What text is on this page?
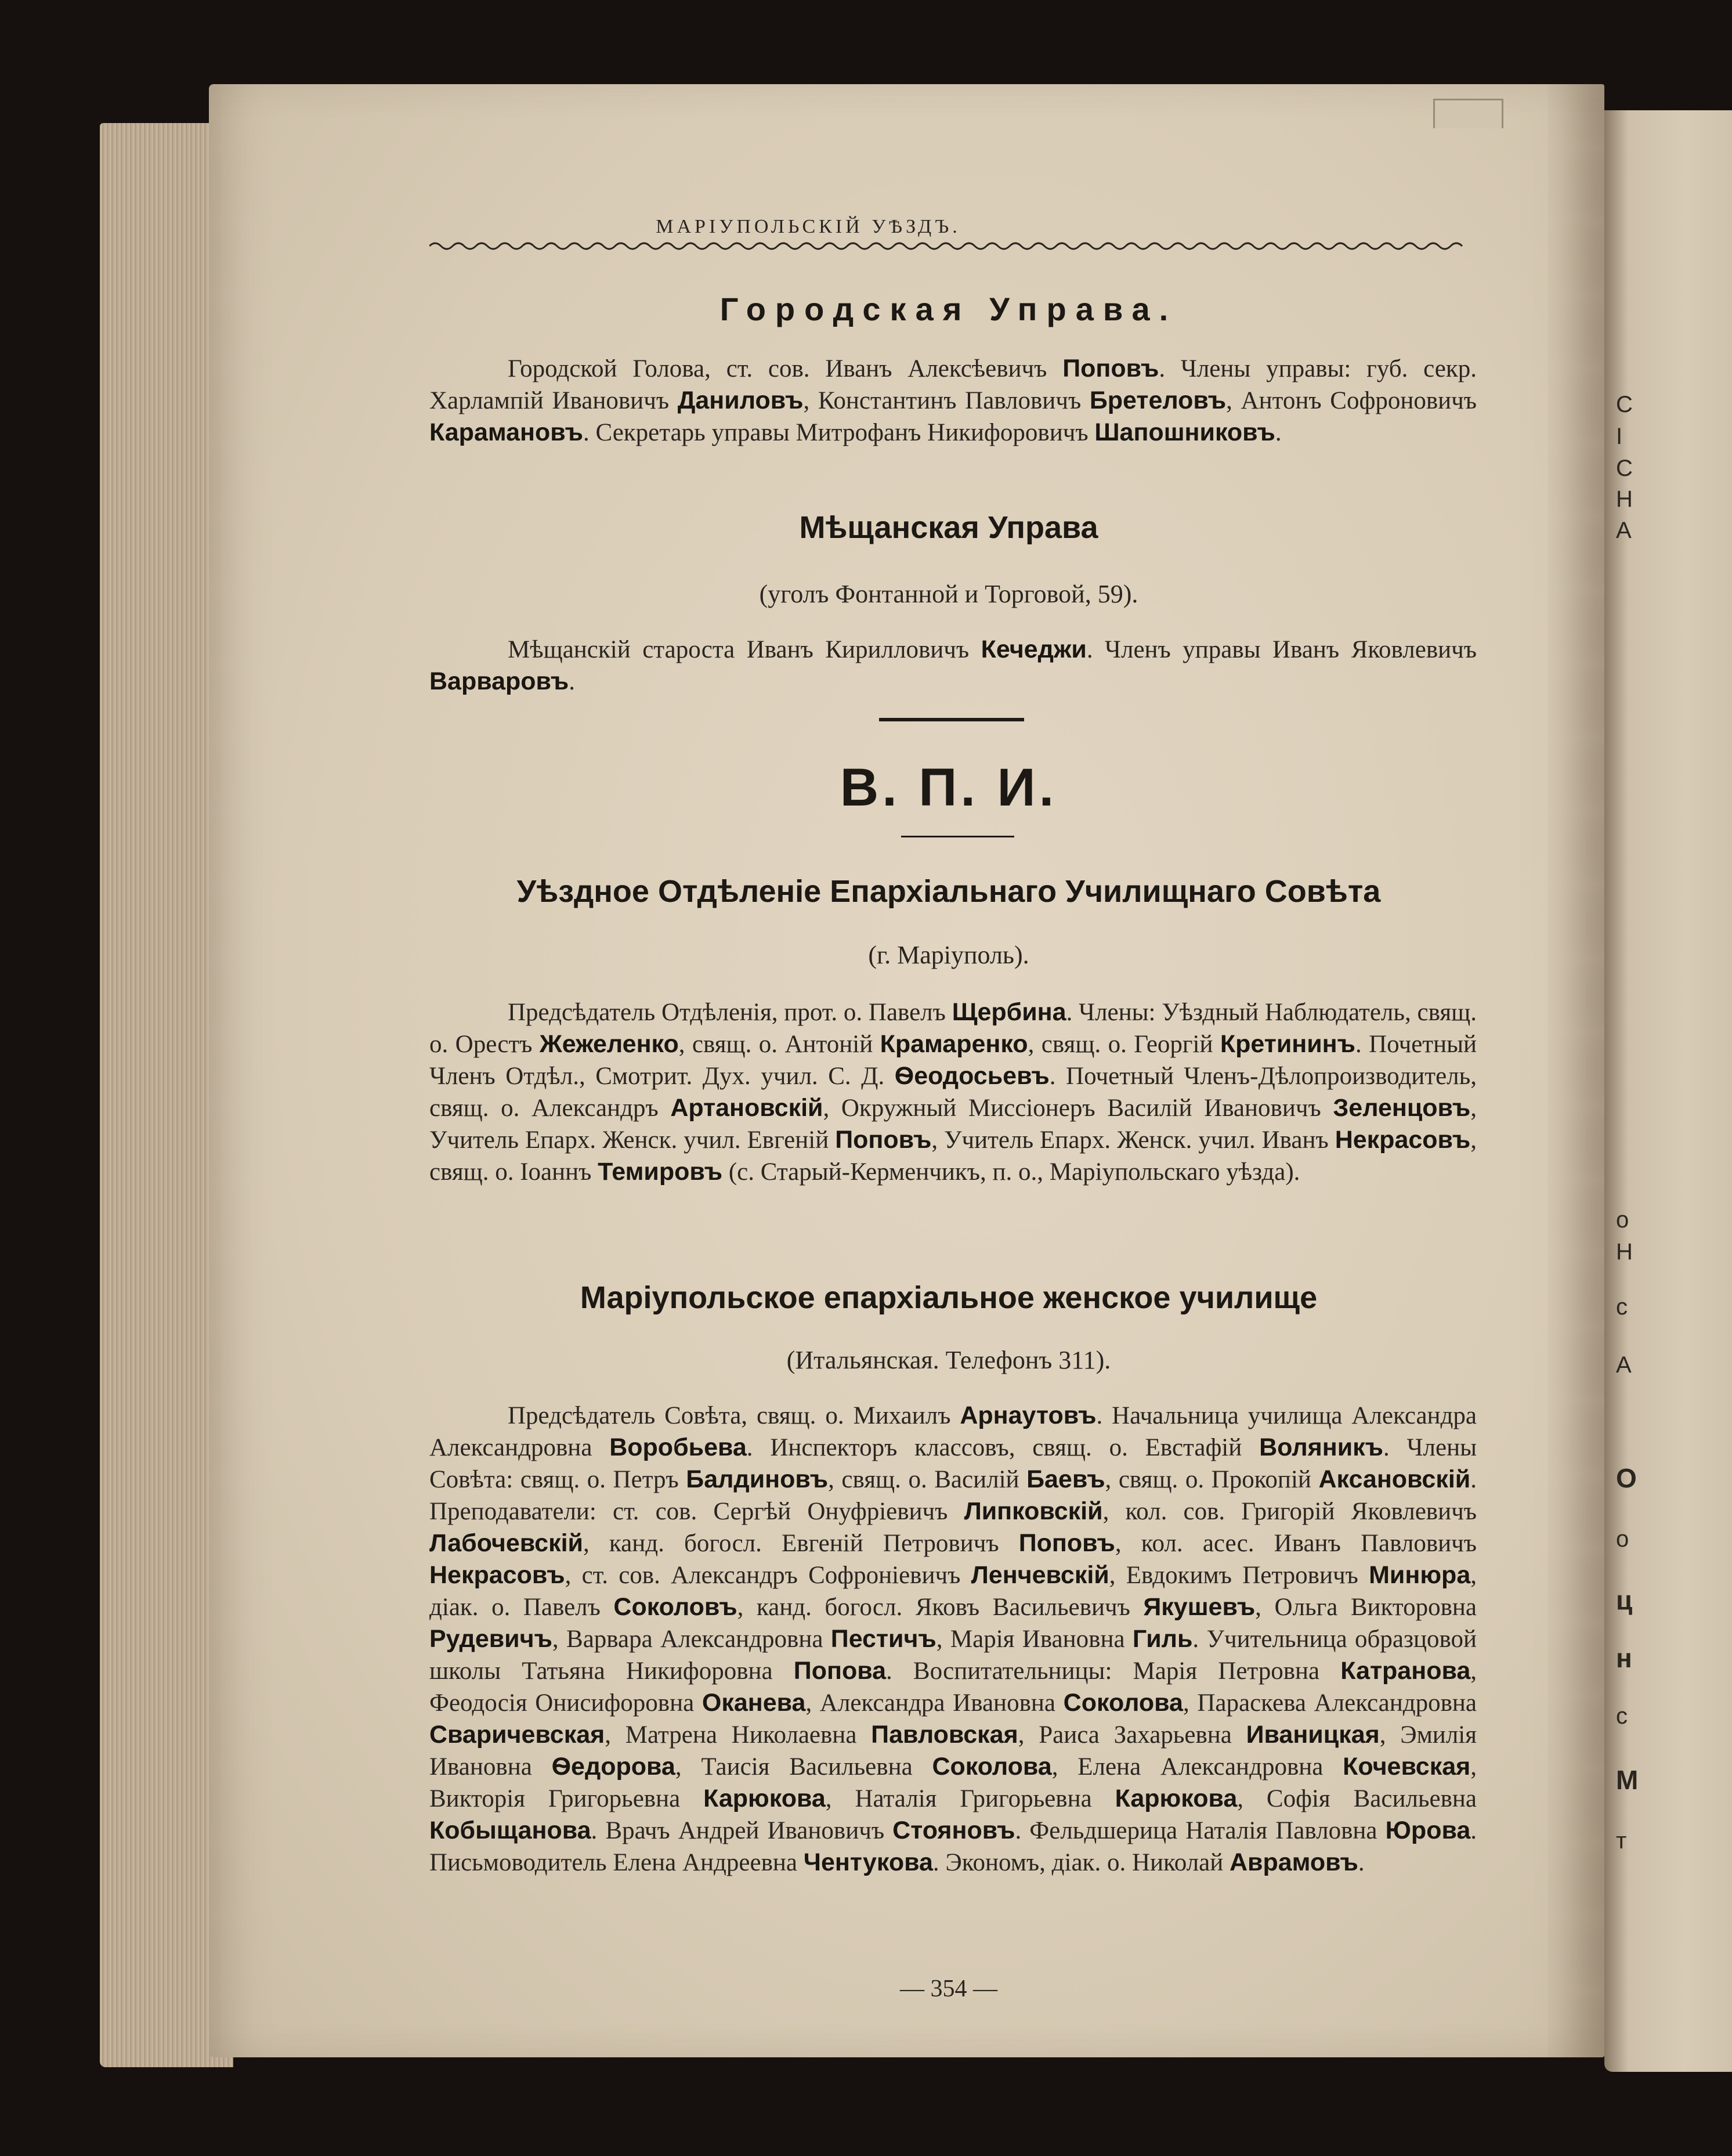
С
І
С
Н
А
о
Н
с
А
О
о
ц
н
с
М
т
Городская Управа.
Городской Голова, ст. сов. Иванъ Алексѣевичъ Поповъ. Члены управы: губ. секр. Харлампій Ивановичъ Даниловъ, Константинъ Павловичъ Бретеловъ, Антонъ Софроновичъ Карамановъ. Секретарь управы Митрофанъ Никифоровичъ Шапошниковъ.
Мѣщанская Управа
(уголъ Фонтанной и Торговой, 59).
Мѣщанскій староста Иванъ Кирилловичъ Кечеджи. Членъ управы Иванъ Яковлевичъ Варваровъ.
В. П. И.
Уѣздное Отдѣленіе Епархіальнаго Училищнаго Совѣта
(г. Маріуполь).
Предсѣдатель Отдѣленія, прот. о. Павелъ Щербина. Члены: Уѣздный Наблюдатель, свящ. о. Орестъ Жежеленко, свящ. о. Антоній Крамаренко, свящ. о. Георгій Кретининъ. Почетный Членъ Отдѣл., Смотрит. Дух. учил. С. Д. Ѳеодосьевъ. Почетный Членъ-Дѣлопроизводитель, свящ. о. Александръ Артановскій, Окружный Миссіонеръ Василій Ивановичъ Зеленцовъ, Учитель Епарх. Женск. учил. Евгеній Поповъ, Учитель Епарх. Женск. учил. Иванъ Некрасовъ, свящ. о. Іоаннъ Темировъ (с. Старый-Керменчикъ, п. о., Маріупольскаго уѣзда).
Маріупольское епархіальное женское училище
(Итальянская. Телефонъ 311).
Предсѣдатель Совѣта, свящ. о. Михаилъ Арнаутовъ. Начальница училища Александра Александровна Воробьева. Инспекторъ классовъ, свящ. о. Евстафій Воляникъ. Члены Совѣта: свящ. о. Петръ Балдиновъ, свящ. о. Василій Баевъ, свящ. о. Прокопій Аксановскій. Преподаватели: ст. сов. Сергѣй Онуфріевичъ Липковскій, кол. сов. Григорій Яковлевичъ Лабочевскій, канд. богосл. Евгеній Петровичъ Поповъ, кол. асес. Иванъ Павловичъ Некрасовъ, ст. сов. Александръ Софроніевичъ Ленчевскій, Евдокимъ Петровичъ Минюра, діак. о. Павелъ Соколовъ, канд. богосл. Яковъ Васильевичъ Якушевъ, Ольга Викторовна Рудевичъ, Варвара Александровна Пестичъ, Марія Ивановна Гиль. Учительница образцовой школы Татьяна Никифоровна Попова. Воспитательницы: Марія Петровна Катранова, Феодосія Онисифоровна Оканева, Александра Ивановна Соколова, Параскева Александровна Сваричевская, Матрена Николаевна Павловская, Раиса Захарьевна Иваницкая, Эмилія Ивановна Ѳедорова, Таисія Васильевна Соколова, Елена Александровна Кочевская, Викторія Григорьевна Карюкова, Наталія Григорьевна Карюкова, Софія Васильевна Кобыщанова. Врачъ Андрей Ивановичъ Стояновъ. Фельдшерица Наталія Павловна Юрова. Письмоводитель Елена Андреевна Чентукова. Экономъ, діак. о. Николай Аврамовъ.
— 354 —
